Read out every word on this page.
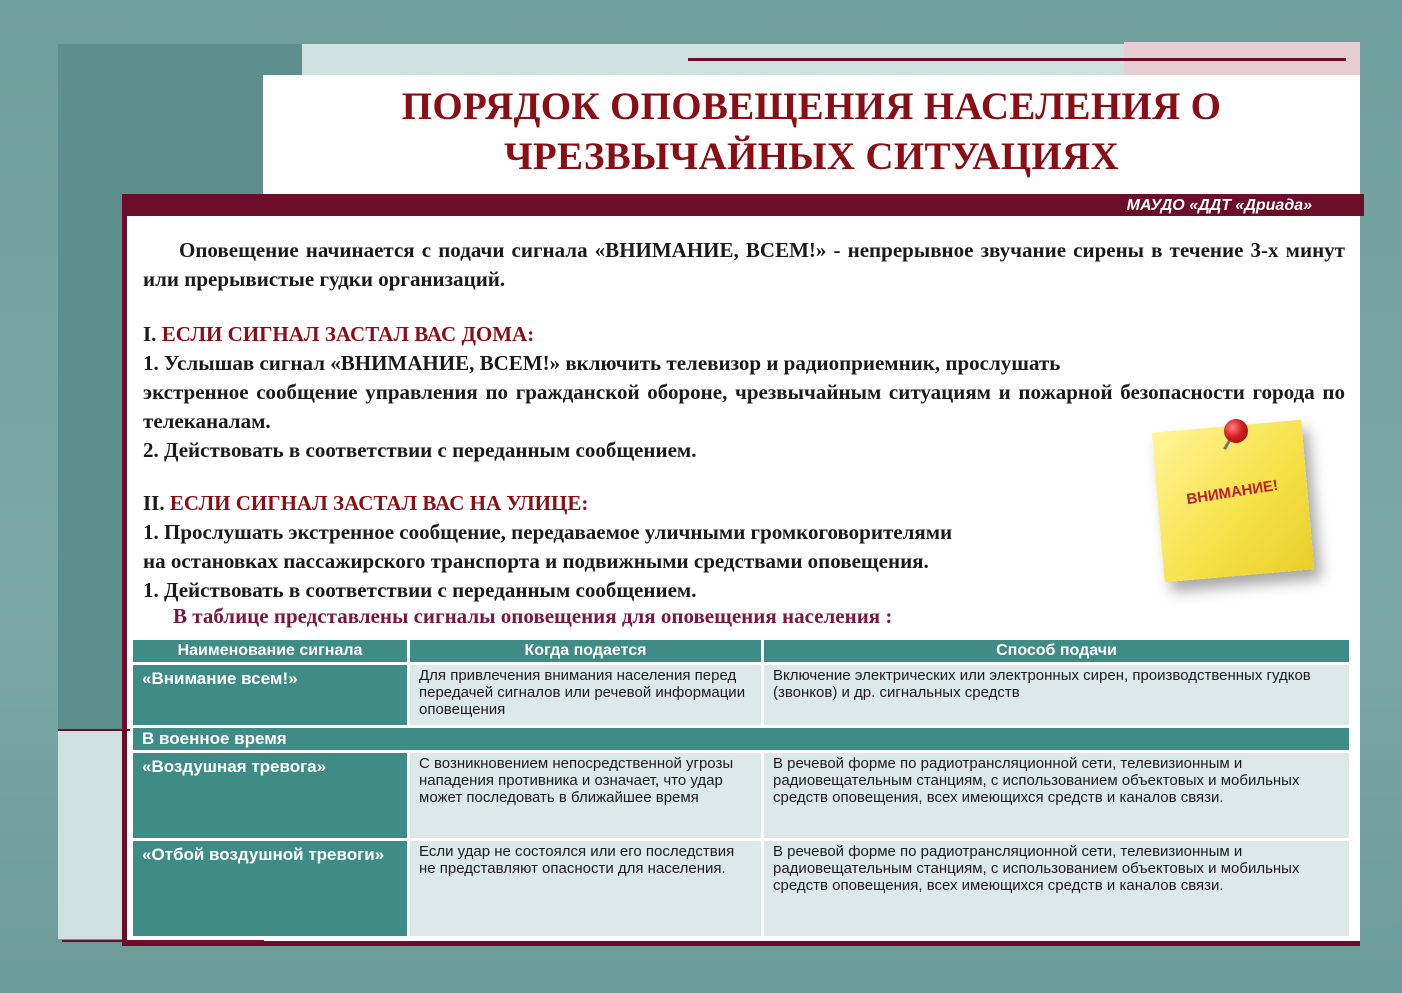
ПОРЯДОК ОПОВЕЩЕНИЯ НАСЕЛЕНИЯ О
ЧРЕЗВЫЧАЙНЫХ СИТУАЦИЯХ
МАУДО «ДДТ «Дриада»
Оповещение начинается с подачи сигнала «ВНИМАНИЕ, ВСЕМ!» - непрерывное звучание сирены в течение 3-х минут или прерывистые гудки организаций.
I. ЕСЛИ СИГНАЛ ЗАСТАЛ ВАС ДОМА:
1. Услышав сигнал «ВНИМАНИЕ, ВСЕМ!» включить телевизор и радиоприемник, прослушать
экстренное сообщение управления по гражданской обороне, чрезвычайным ситуациям и пожарной безопасности города по телеканалам.
2. Действовать в соответствии с переданным сообщением.
II. ЕСЛИ СИГНАЛ ЗАСТАЛ ВАС НА УЛИЦЕ:
1. Прослушать экстренное сообщение, передаваемое уличными громкоговорителями
на остановках пассажирского транспорта и подвижными средствами оповещения.
1. Действовать в соответствии с переданным сообщением.
В таблице представлены сигналы оповещения для оповещения населения :
ВНИМАНИЕ!
Наименование сигнала	Когда подается	Способ подачи
«Внимание всем!»	Для привлечения внимания населения перед передачей сигналов или речевой информации оповещения	Включение электрических или электронных сирен, производственных гудков (звонков) и др. сигнальных средств
В военное время		
«Воздушная тревога»	С возникновением непосредственной угрозы нападения противника и означает, что удар может последовать в ближайшее время	В речевой форме по радиотрансляционной сети, телевизионным и радиовещательным станциям, с использованием объектовых и мобильных средств оповещения, всех имеющихся средств и каналов связи.
«Отбой воздушной тревоги»	Если удар не состоялся или его последствия не представляют опасности для населения.	В речевой форме по радиотрансляционной сети, телевизионным и радиовещательным станциям, с использованием объектовых и мобильных средств оповещения, всех имеющихся средств и каналов связи.
